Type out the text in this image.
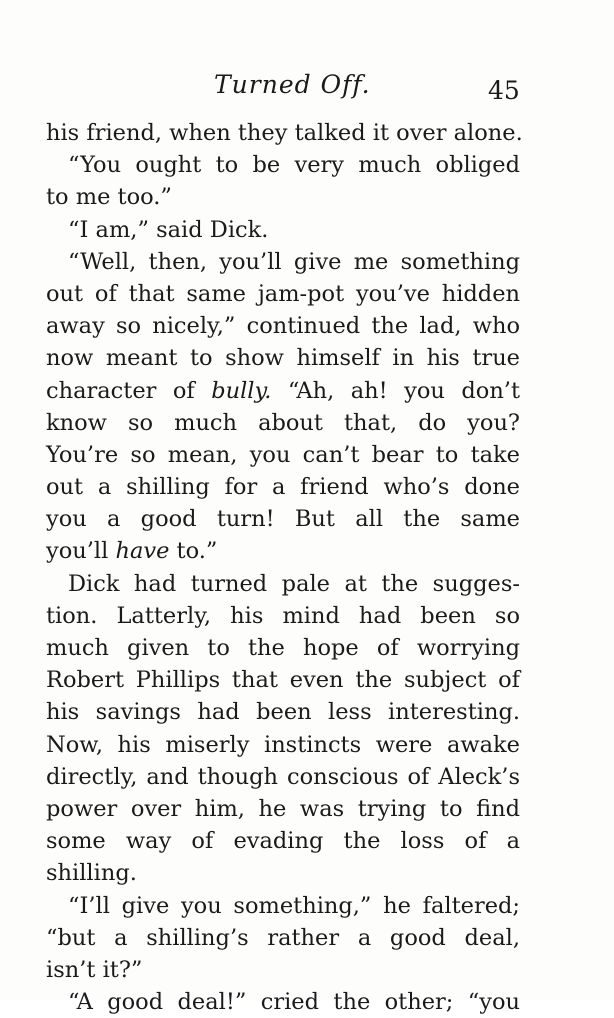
Turned Off.	45
his friend, when they talked it over alone.
“You ought to be very much obliged
to me too.”
“I am,” said Dick.
“Well, then, you’ll give me something
out of that same jam-pot you’ve hidden
away so nicely,” continued the lad, who
now meant to show himself in his true
character of bully. “Ah, ah! you don’t
know so much about that, do you?
You’re so mean, you can’t bear to take
out a shilling for a friend who’s done
you a good turn! But all the same
you’ll have to.”
Dick had turned pale at the sugges-
tion. Latterly, his mind had been so
much given to the hope of worrying
Robert Phillips that even the subject of
his savings had been less interesting.
Now, his miserly instincts were awake
directly, and though conscious of Aleck’s
power over him, he was trying to find
some way of evading the loss of a
shilling.
“I’ll give you something,” he faltered;
“but a shilling’s rather a good deal,
isn’t it?”
“A good deal!” cried the other; “you
